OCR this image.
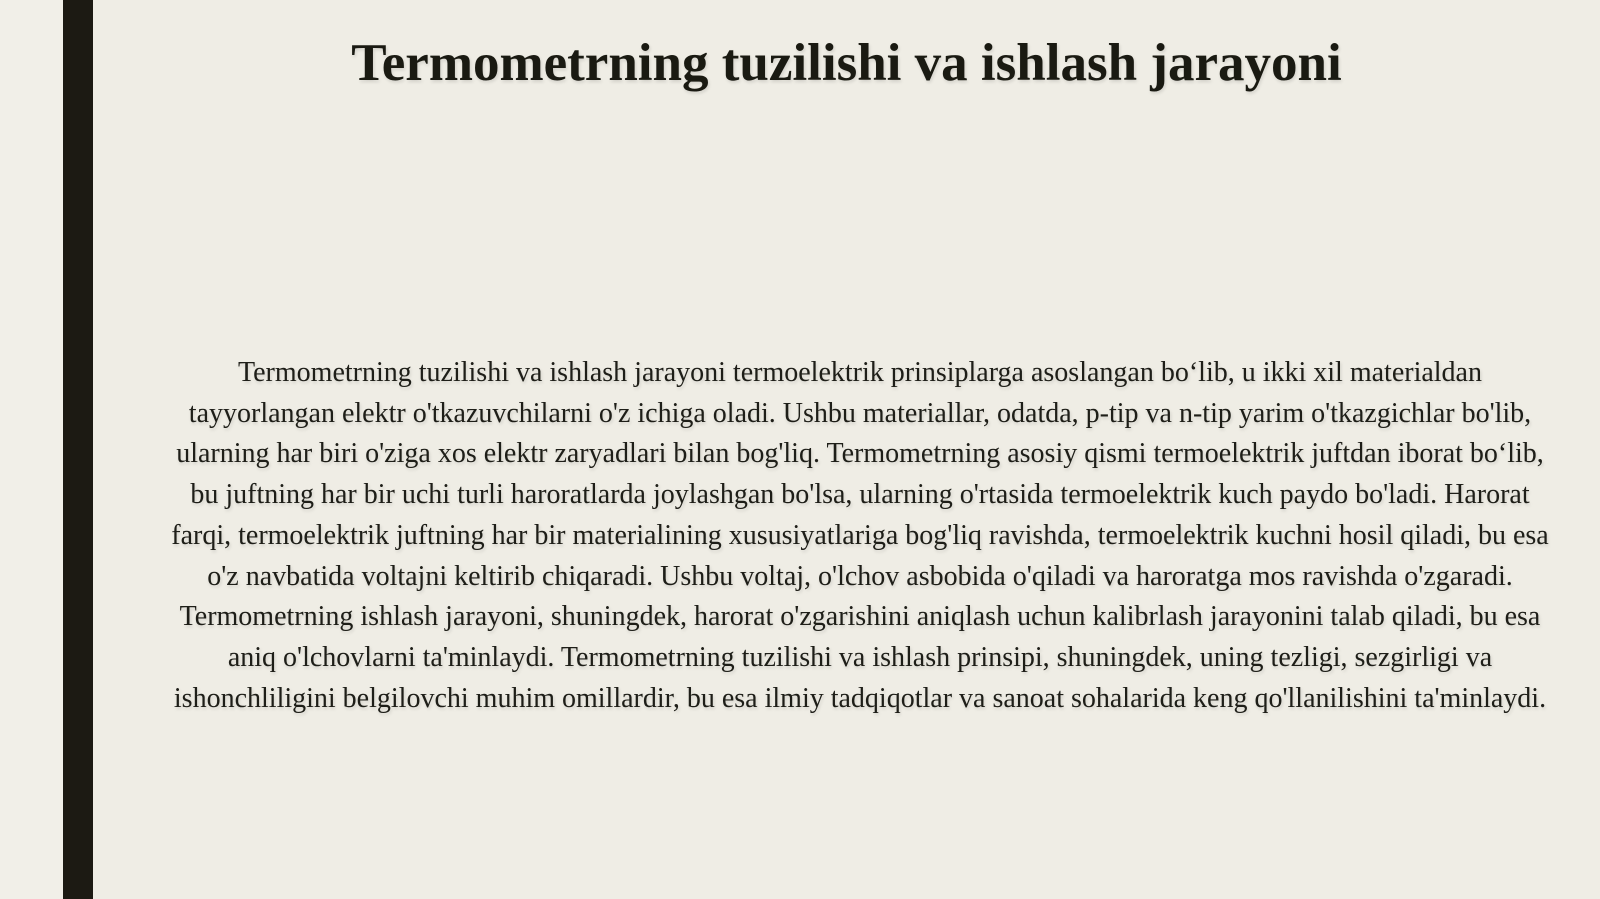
Termometrning tuzilishi va ishlash jarayoni

Termometrning tuzilishi va ishlash jarayoni termoelektrik prinsiplarga asoslangan bo‘lib, u ikki xil materialdan tayyorlangan elektr o'tkazuvchilarni o'z ichiga oladi. Ushbu materiallar, odatda, p-tip va n-tip yarim o'tkazgichlar bo'lib, ularning har biri o'ziga xos elektr zaryadlari bilan bog'liq. Termometrning asosiy qismi termoelektrik juftdan iborat bo‘lib, bu juftning har bir uchi turli haroratlarda joylashgan bo'lsa, ularning o'rtasida termoelektrik kuch paydo bo'ladi. Harorat farqi, termoelektrik juftning har bir materialining xususiyatlariga bog'liq ravishda, termoelektrik kuchni hosil qiladi, bu esa o'z navbatida voltajni keltirib chiqaradi. Ushbu voltaj, o'lchov asbobida o'qiladi va haroratga mos ravishda o'zgaradi. Termometrning ishlash jarayoni, shuningdek, harorat o'zgarishini aniqlash uchun kalibrlash jarayonini talab qiladi, bu esa aniq o'lchovlarni ta'minlaydi. Termometrning tuzilishi va ishlash prinsipi, shuningdek, uning tezligi, sezgirligi va ishonchliligini belgilovchi muhim omillardir, bu esa ilmiy tadqiqotlar va sanoat sohalarida keng qo'llanilishini ta'minlaydi.
